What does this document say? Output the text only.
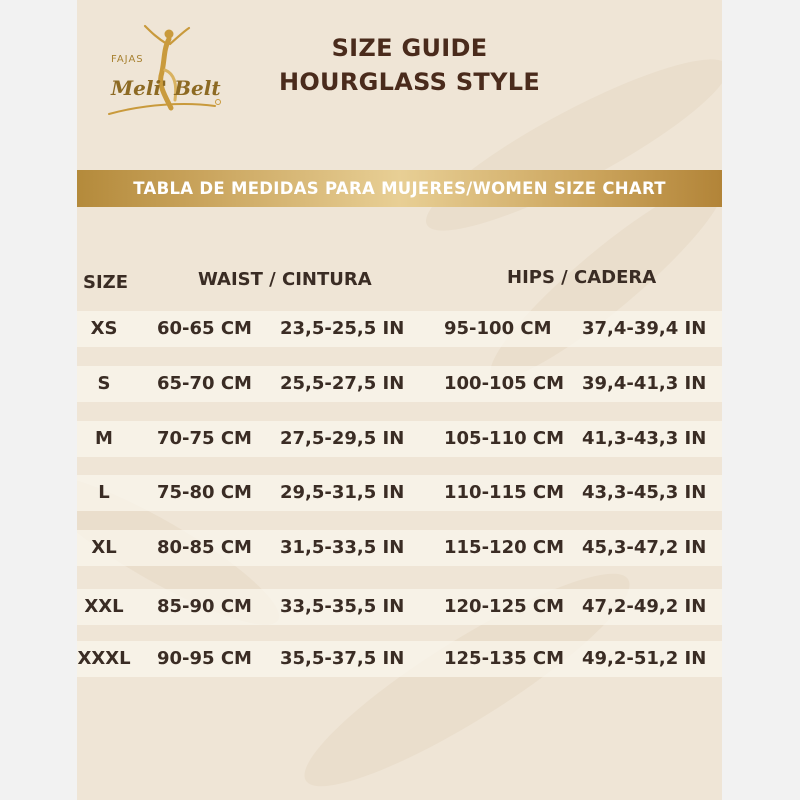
FAJAS
Meli' Belt
SIZE GUIDE
HOURGLASS STYLE
TABLA DE MEDIDAS PARA MUJERES/WOMEN SIZE CHART
SIZE	WAIST / CINTURA	HIPS / CADERA
XS	60-65 CM 23,5-25,5 IN 95-100 CM 37,4-39,4 IN
S	65-70 CM 25,5-27,5 IN 100-105 CM 39,4-41,3 IN
M	70-75 CM 27,5-29,5 IN 105-110 CM 41,3-43,3 IN
L	75-80 CM 29,5-31,5 IN 110-115 CM 43,3-45,3 IN
XL	80-85 CM 31,5-33,5 IN 115-120 CM 45,3-47,2 IN
XXL	85-90 CM 33,5-35,5 IN 120-125 CM 47,2-49,2 IN
XXXL 90-95 CM 35,5-37,5 IN 125-135 CM 49,2-51,2 IN
